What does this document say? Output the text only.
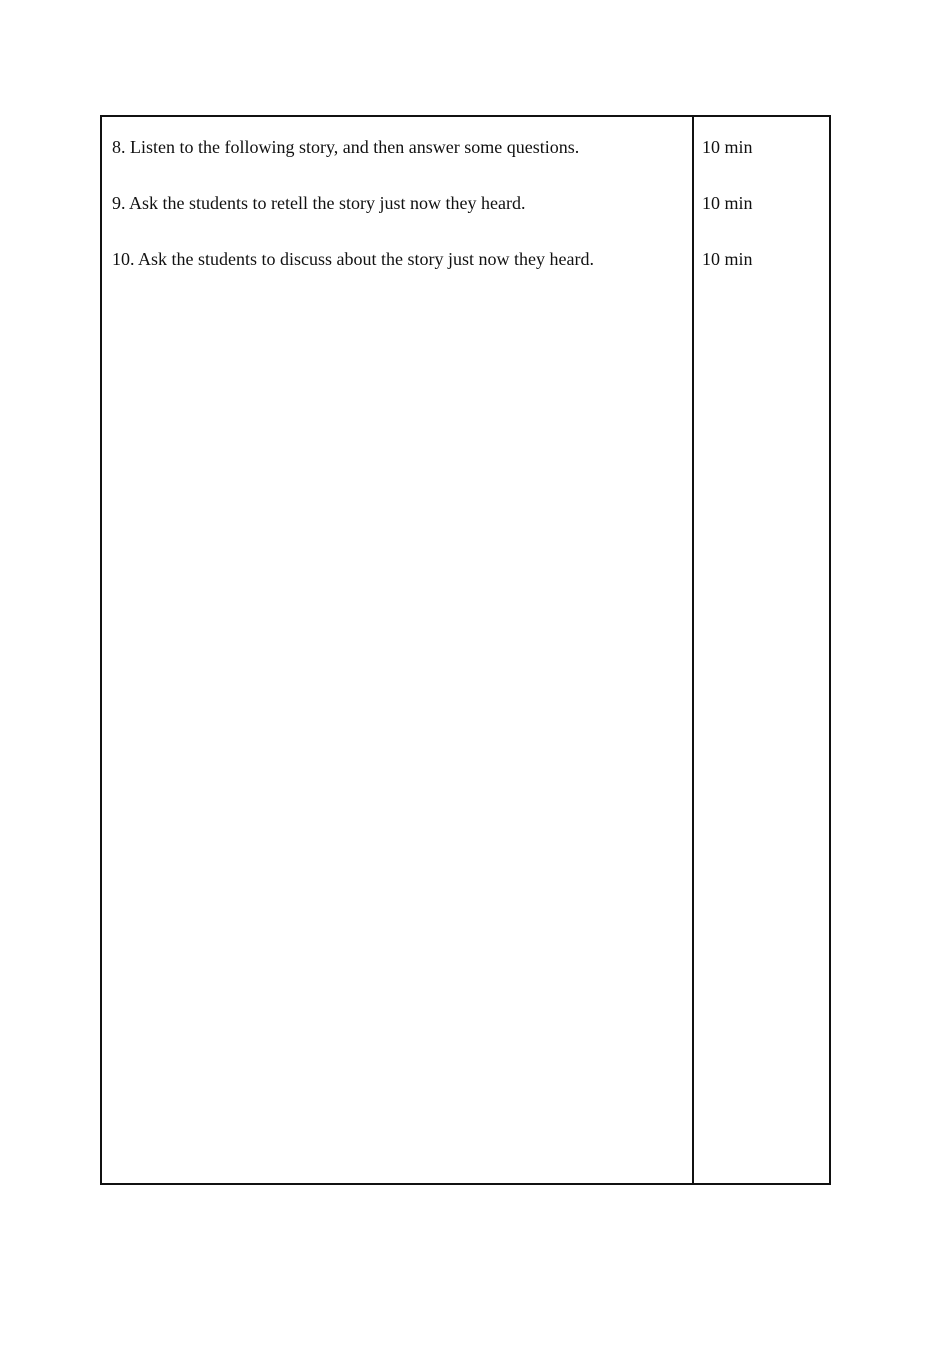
8. Listen to the following story, and then answer some questions.	10 min
9. Ask the students to retell the story just now they heard.	10 min
10. Ask the students to discuss about the story just now they heard.	10 min
